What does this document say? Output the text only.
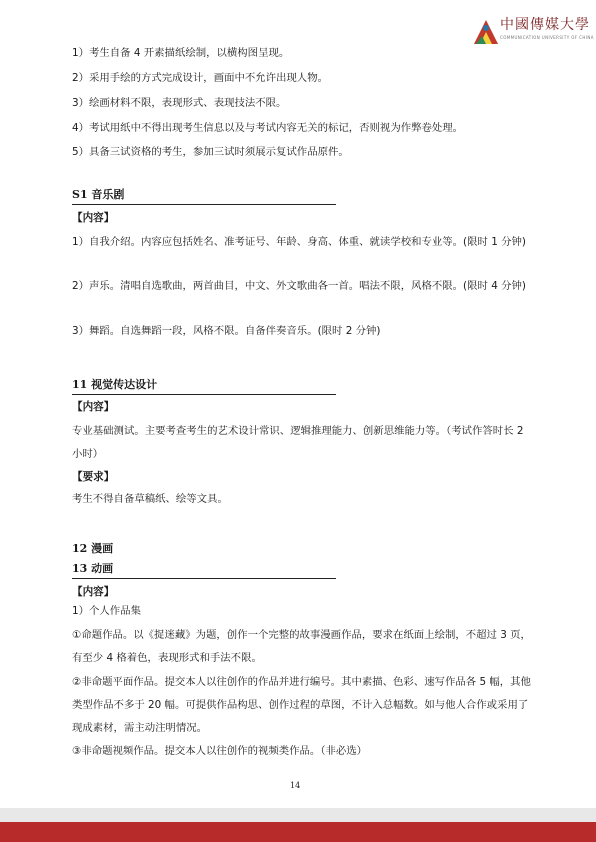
中國傳媒大學
COMMUNICATION UNIVERSITY OF CHINA
1）考生自备 4 开素描纸绘制，以横构图呈现。
2）采用手绘的方式完成设计，画面中不允许出现人物。
3）绘画材料不限，表现形式、表现技法不限。
4）考试用纸中不得出现考生信息以及与考试内容无关的标记，否则视为作弊卷处理。
5）具备三试资格的考生，参加三试时须展示复试作品原件。
S1 音乐剧
【内容】
1）自我介绍。内容应包括姓名、准考证号、年龄、身高、体重、就读学校和专业等。(限时 1 分钟)
2）声乐。清唱自选歌曲，两首曲目，中文、外文歌曲各一首。唱法不限，风格不限。(限时 4 分钟)
3）舞蹈。自选舞蹈一段，风格不限。自备伴奏音乐。(限时 2 分钟)
11 视觉传达设计
【内容】
专业基础测试。主要考查考生的艺术设计常识、逻辑推理能力、创新思维能力等。（考试作答时长 2 小时）
【要求】
考生不得自备草稿纸、绘等文具。
12 漫画
13 动画
【内容】
1）个人作品集
①命题作品。以《捉迷藏》为题，创作一个完整的故事漫画作品，要求在纸面上绘制，不超过 3 页，有至少 4 格着色，表现形式和手法不限。
②非命题平面作品。提交本人以往创作的作品并进行编号。其中素描、色彩、速写作品各 5 幅，其他类型作品不多于 20 幅。可提供作品构思、创作过程的草图，不计入总幅数。如与他人合作或采用了现成素材，需主动注明情况。
③非命题视频作品。提交本人以往创作的视频类作品。（非必选）
14
